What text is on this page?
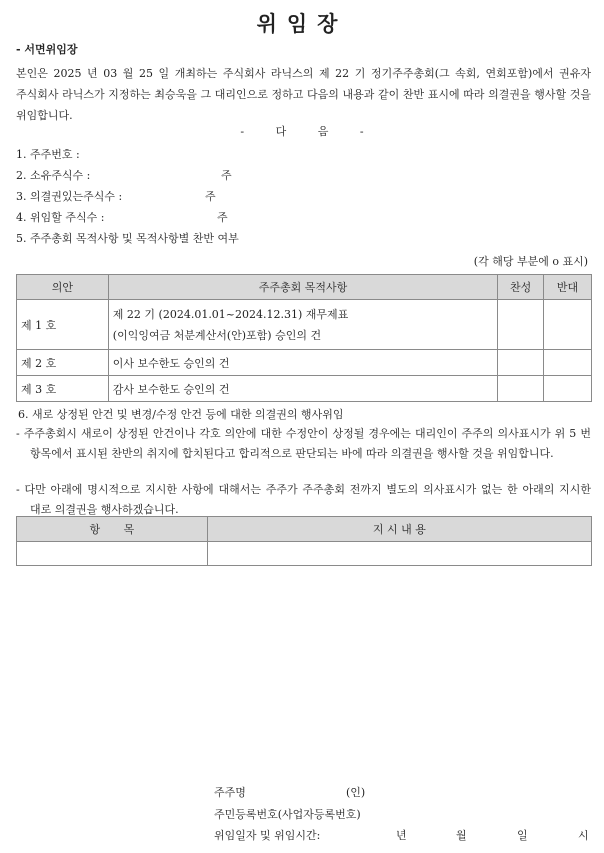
위임장
- 서면위임장
본인은 2025 년 03 월 25 일 개최하는 주식회사 라닉스의 제 22 기 정기주주총회(그 속회, 연회포함)에서 권유자 주식회사 라닉스가 지정하는 최승욱을 그 대리인으로 정하고 다음의 내용과 같이 찬반 표시에 따라 의결권을 행사할 것을 위임합니다.
- 다 음 -
1. 주주번호 :
2. 소유주식수 :	주
3. 의결권있는주식수 :	주
4. 위임할 주식수 :	주
5. 주주총회 목적사항 및 목적사항별 찬반 여부
(각 해당 부분에 o 표시)
의안	주주총회 목적사항	찬성	반대
제 1 호	제 22 기 (2024.01.01~2024.12.31) 재무제표
(이익잉여금 처분계산서(안)포함) 승인의 건		

제 2 호	이사 보수한도 승인의 건		
제 3 호	감사 보수한도 승인의 건		
6. 새로 상정된 안건 및 변경/수정 안건 등에 대한 의결권의 행사위임
- 주주총회시 새로이 상정된 안건이나 각호 의안에 대한 수정안이 상정될 경우에는 대리인이 주주의 의사표시가 위 5 번 항목에서 표시된 찬반의 취지에 합치된다고 합리적으로 판단되는 바에 따라 의결권을 행사할 것을 위임합니다.
- 다만 아래에 명시적으로 지시한 사항에 대해서는 주주가 주주총회 전까지 별도의 의사표시가 없는 한 아래의 지시한 대로 의결권을 행사하겠습니다.
항 목	지 시 내 용

주주명	(인)
주민등록번호(사업자등록번호)
위임일자 및 위임시간:	년	월	일	시
